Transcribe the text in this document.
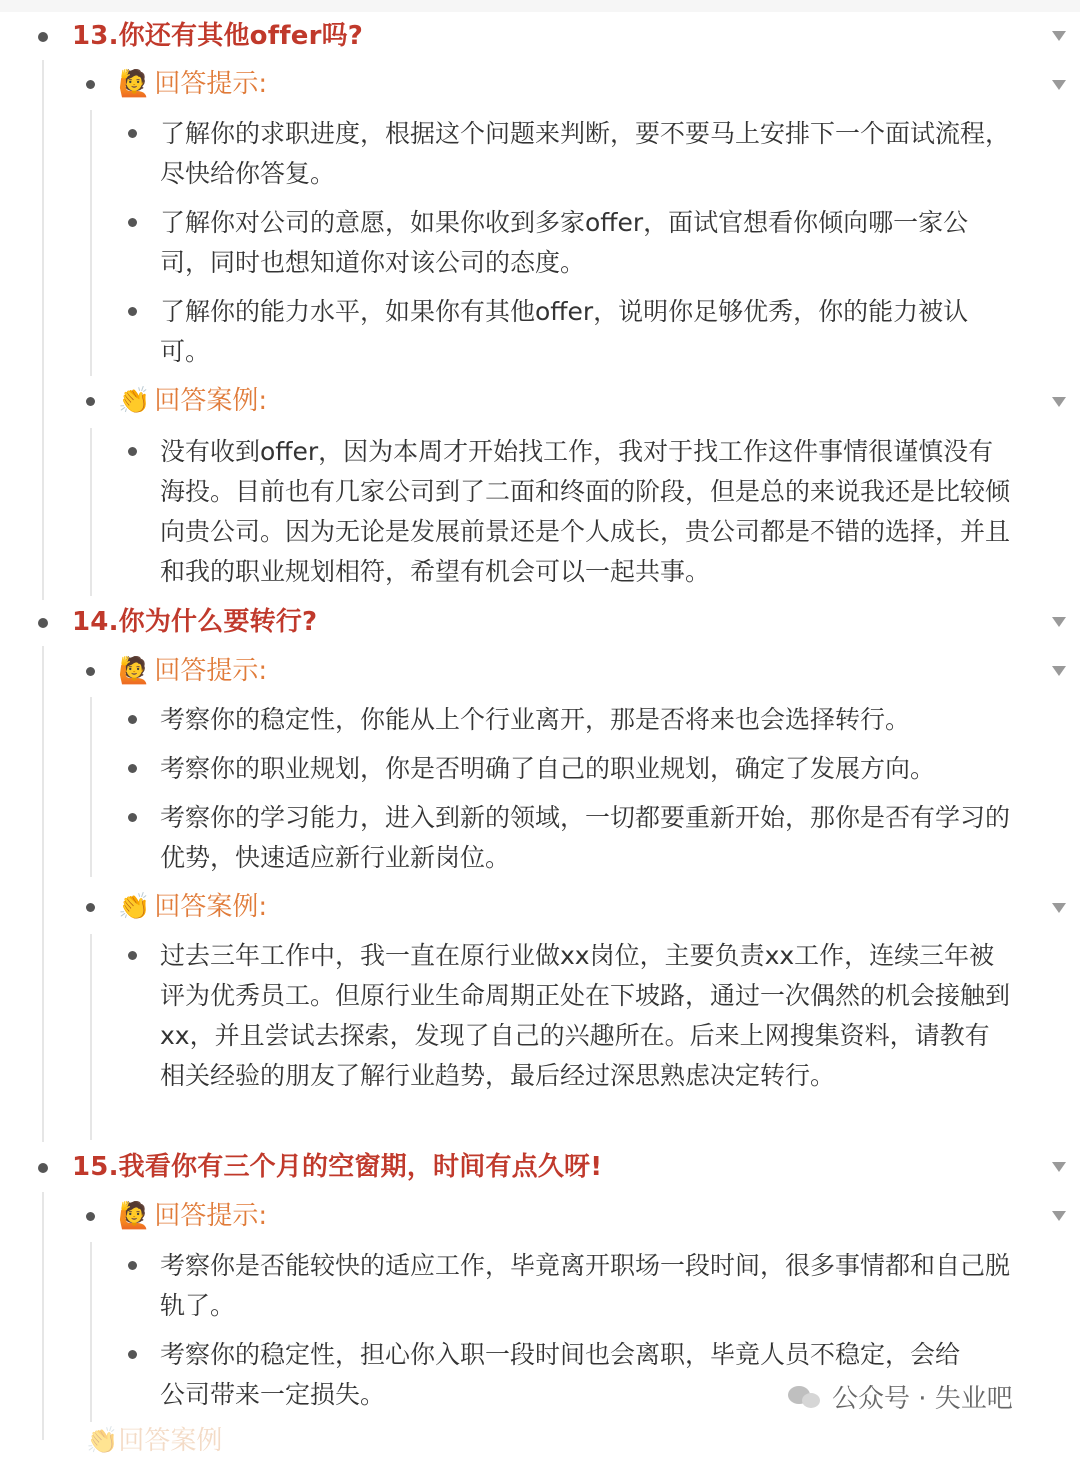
13.你还有其他offer吗?
🙋 回答提示:
了解你的求职进度，根据这个问题来判断，要不要马上安排下一个面试流程，尽快给你答复。
了解你对公司的意愿，如果你收到多家offer，面试官想看你倾向哪一家公司，同时也想知道你对该公司的态度。
了解你的能力水平，如果你有其他offer，说明你足够优秀，你的能力被认可。
👏 回答案例:
没有收到offer，因为本周才开始找工作，我对于找工作这件事情很谨慎没有海投。目前也有几家公司到了二面和终面的阶段，但是总的来说我还是比较倾向贵公司。因为无论是发展前景还是个人成长，贵公司都是不错的选择，并且和我的职业规划相符，希望有机会可以一起共事。
14.你为什么要转行?
🙋 回答提示:
考察你的稳定性，你能从上个行业离开，那是否将来也会选择转行。
考察你的职业规划，你是否明确了自己的职业规划，确定了发展方向。
考察你的学习能力，进入到新的领域，一切都要重新开始，那你是否有学习的优势，快速适应新行业新岗位。
👏 回答案例:
过去三年工作中，我一直在原行业做xx岗位，主要负责xx工作，连续三年被评为优秀员工。但原行业生命周期正处在下坡路，通过一次偶然的机会接触到xx，并且尝试去探索，发现了自己的兴趣所在。后来上网搜集资料，请教有相关经验的朋友了解行业趋势，最后经过深思熟虑决定转行。
15.我看你有三个月的空窗期，时间有点久呀!
🙋 回答提示:
考察你是否能较快的适应工作，毕竟离开职场一段时间，很多事情都和自己脱轨了。
考察你的稳定性，担心你入职一段时间也会离职，毕竟人员不稳定，会给公司带来一定损失。
👏回答案例
公众号 · 失业吧
